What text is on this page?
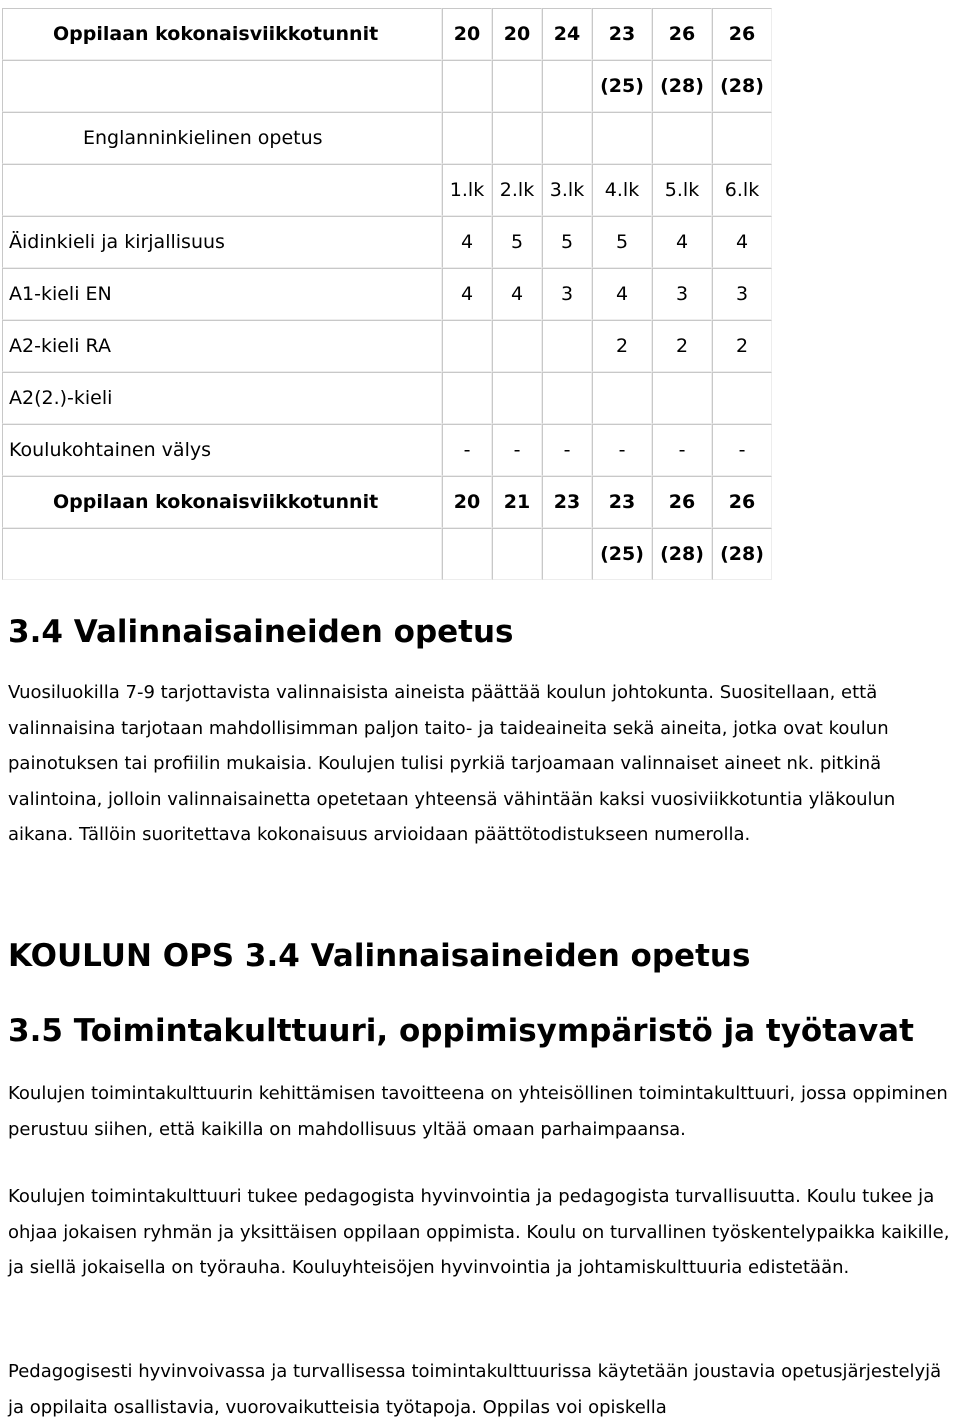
Oppilaan kokonaisviikkotunnit	20	20	24	23	26	26
				(25)	(28)	(28)
Englanninkielinen opetus						
	1.lk	2.lk	3.lk	4.lk	5.lk	6.lk
Äidinkieli ja kirjallisuus	4	5	5	5	4	4
A1-kieli EN	4	4	3	4	3	3
A2-kieli RA				2	2	2
A2(2.)-kieli						
Koulukohtainen välys	-	-	-	-	-	-
Oppilaan kokonaisviikkotunnit	20	21	23	23	26	26
				(25)	(28)	(28)
3.4 Valinnaisaineiden opetus

Vuosiluokilla 7-9 tarjottavista valinnaisista aineista päättää koulun johtokunta. Suositellaan, että valinnaisina tarjotaan mahdollisimman paljon taito- ja taideaineita sekä aineita, jotka ovat koulun painotuksen tai profiilin mukaisia. Koulujen tulisi pyrkiä tarjoamaan valinnaiset aineet nk. pitkinä valintoina, jolloin valinnaisainetta opetetaan yhteensä vähintään kaksi vuosiviikkotuntia yläkoulun aikana. Tällöin suoritettava kokonaisuus arvioidaan päättötodistukseen numerolla.

KOULUN OPS 3.4 Valinnaisaineiden opetus
3.5 Toimintakulttuuri, oppimisympäristö ja työtavat

Koulujen toimintakulttuurin kehittämisen tavoitteena on yhteisöllinen toimintakulttuuri, jossa oppiminen perustuu siihen, että kaikilla on mahdollisuus yltää omaan parhaimpaansa.

Koulujen toimintakulttuuri tukee pedagogista hyvinvointia ja pedagogista turvallisuutta. Koulu tukee ja ohjaa jokaisen ryhmän ja yksittäisen oppilaan oppimista. Koulu on turvallinen työskentelypaikka kaikille, ja siellä jokaisella on työrauha. Kouluyhteisöjen hyvinvointia ja johtamiskulttuuria edistetään.

Pedagogisesti hyvinvoivassa ja turvallisessa toimintakulttuurissa käytetään joustavia opetusjärjestelyjä ja oppilaita osallistavia, vuorovaikutteisia työtapoja. Oppilas voi opiskella
